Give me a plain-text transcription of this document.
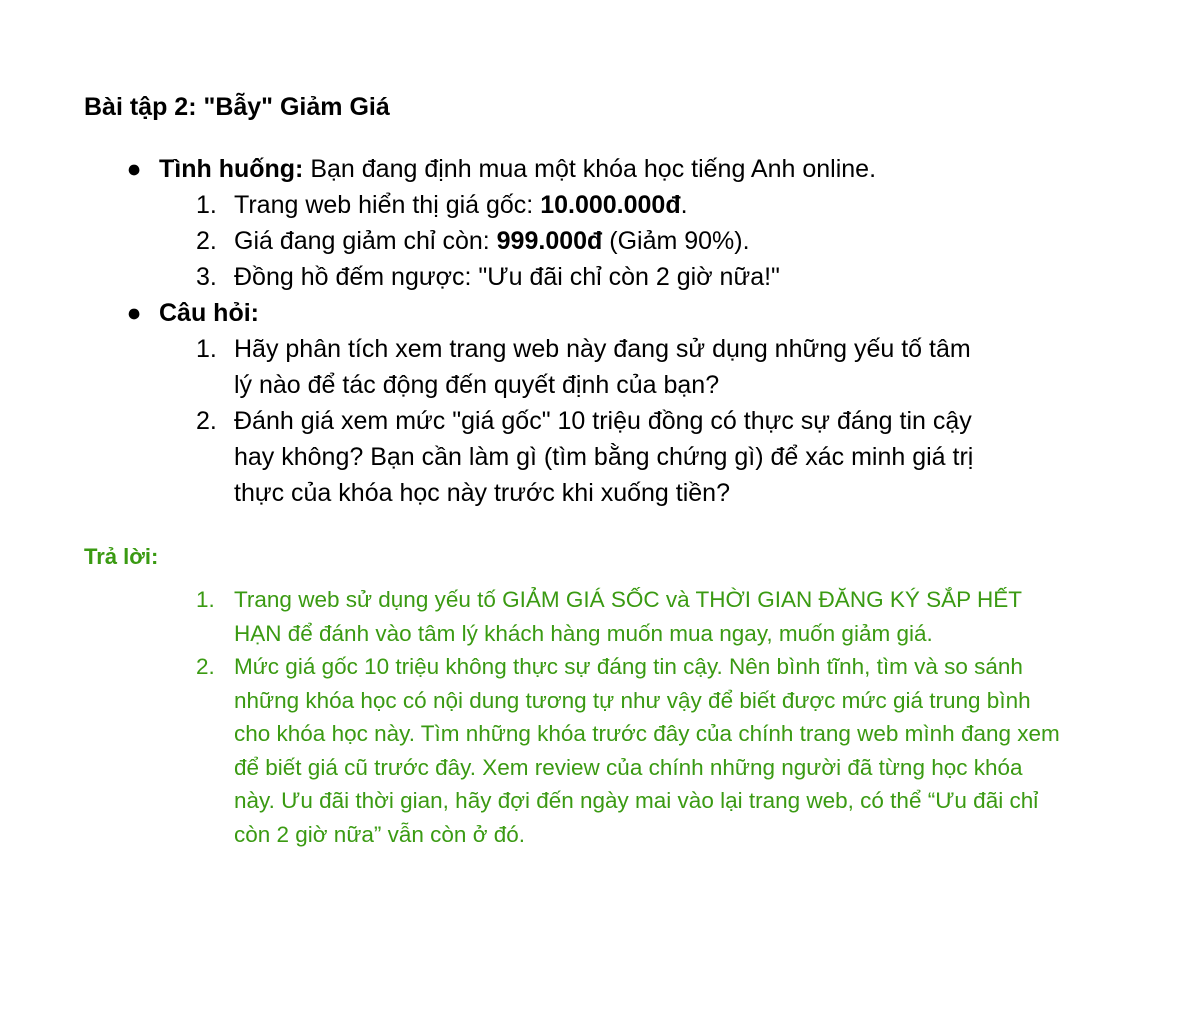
Bài tập 2: "Bẫy" Giảm Giá
● Tình huống: Bạn đang định mua một khóa học tiếng Anh online.
1. Trang web hiển thị giá gốc: 10.000.000đ.
2. Giá đang giảm chỉ còn: 999.000đ (Giảm 90%).
3. Đồng hồ đếm ngược: "Ưu đãi chỉ còn 2 giờ nữa!"
● Câu hỏi:
1. Hãy phân tích xem trang web này đang sử dụng những yếu tố tâm lý nào để tác động đến quyết định của bạn?
2. Đánh giá xem mức "giá gốc" 10 triệu đồng có thực sự đáng tin cậy hay không? Bạn cần làm gì (tìm bằng chứng gì) để xác minh giá trị thực của khóa học này trước khi xuống tiền?

Trả lời:

1. Trang web sử dụng yếu tố GIẢM GIÁ SỐC và THỜI GIAN ĐĂNG KÝ SẮP HẾT HẠN để đánh vào tâm lý khách hàng muốn mua ngay, muốn giảm giá.
2. Mức giá gốc 10 triệu không thực sự đáng tin cậy. Nên bình tĩnh, tìm và so sánh những khóa học có nội dung tương tự như vậy để biết được mức giá trung bình cho khóa học này. Tìm những khóa trước đây của chính trang web mình đang xem để biết giá cũ trước đây. Xem review của chính những người đã từng học khóa này. Ưu đãi thời gian, hãy đợi đến ngày mai vào lại trang web, có thể “Ưu đãi chỉ còn 2 giờ nữa” vẫn còn ở đó.
